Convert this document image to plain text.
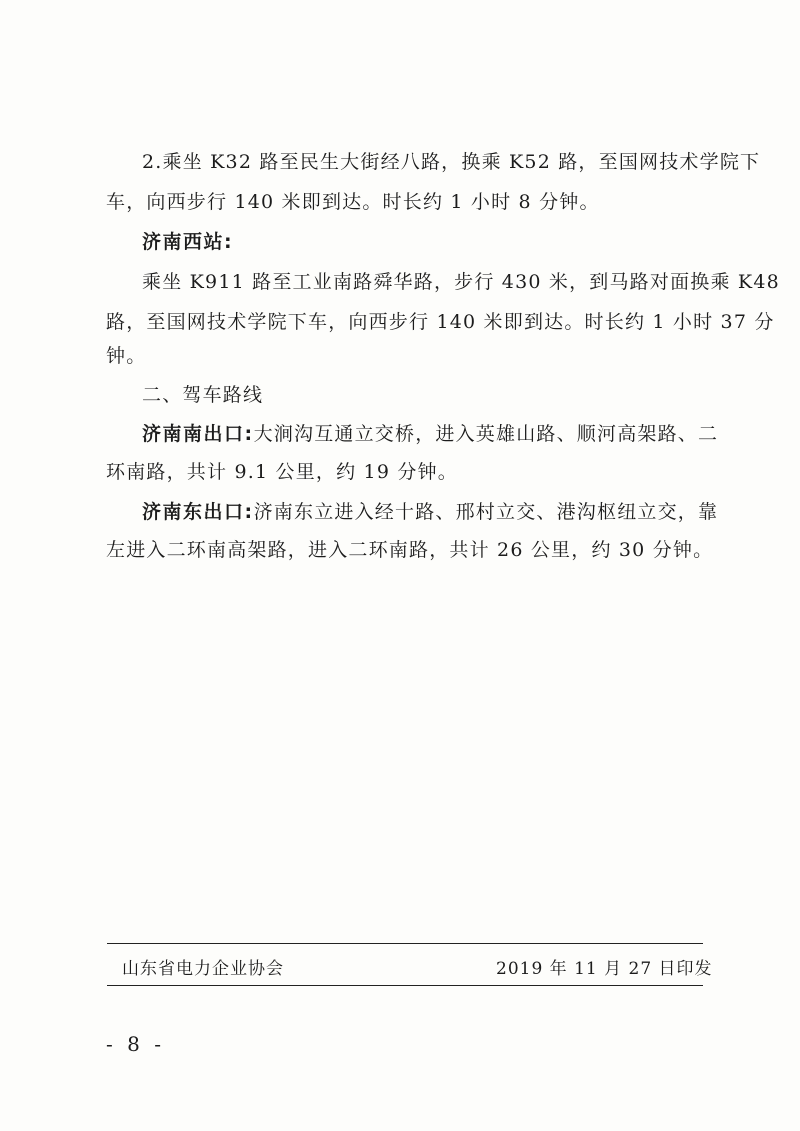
2.乘坐 K32 路至民生大街经八路，换乘 K52 路，至国网技术学院下
车，向西步行 140 米即到达。时长约 1 小时 8 分钟。
济南西站:
乘坐 K911 路至工业南路舜华路，步行 430 米，到马路对面换乘 K48
路，至国网技术学院下车，向西步行 140 米即到达。时长约 1 小时 37 分
钟。
二、驾车路线
济南南出口:大涧沟互通立交桥，进入英雄山路、顺河高架路、二
环南路，共计 9.1 公里，约 19 分钟。
济南东出口:济南东立进入经十路、邢村立交、港沟枢纽立交，靠
左进入二环南高架路，进入二环南路，共计 26 公里，约 30 分钟。
山东省电力企业协会	2019 年 11 月 27 日印发
- 8 -
